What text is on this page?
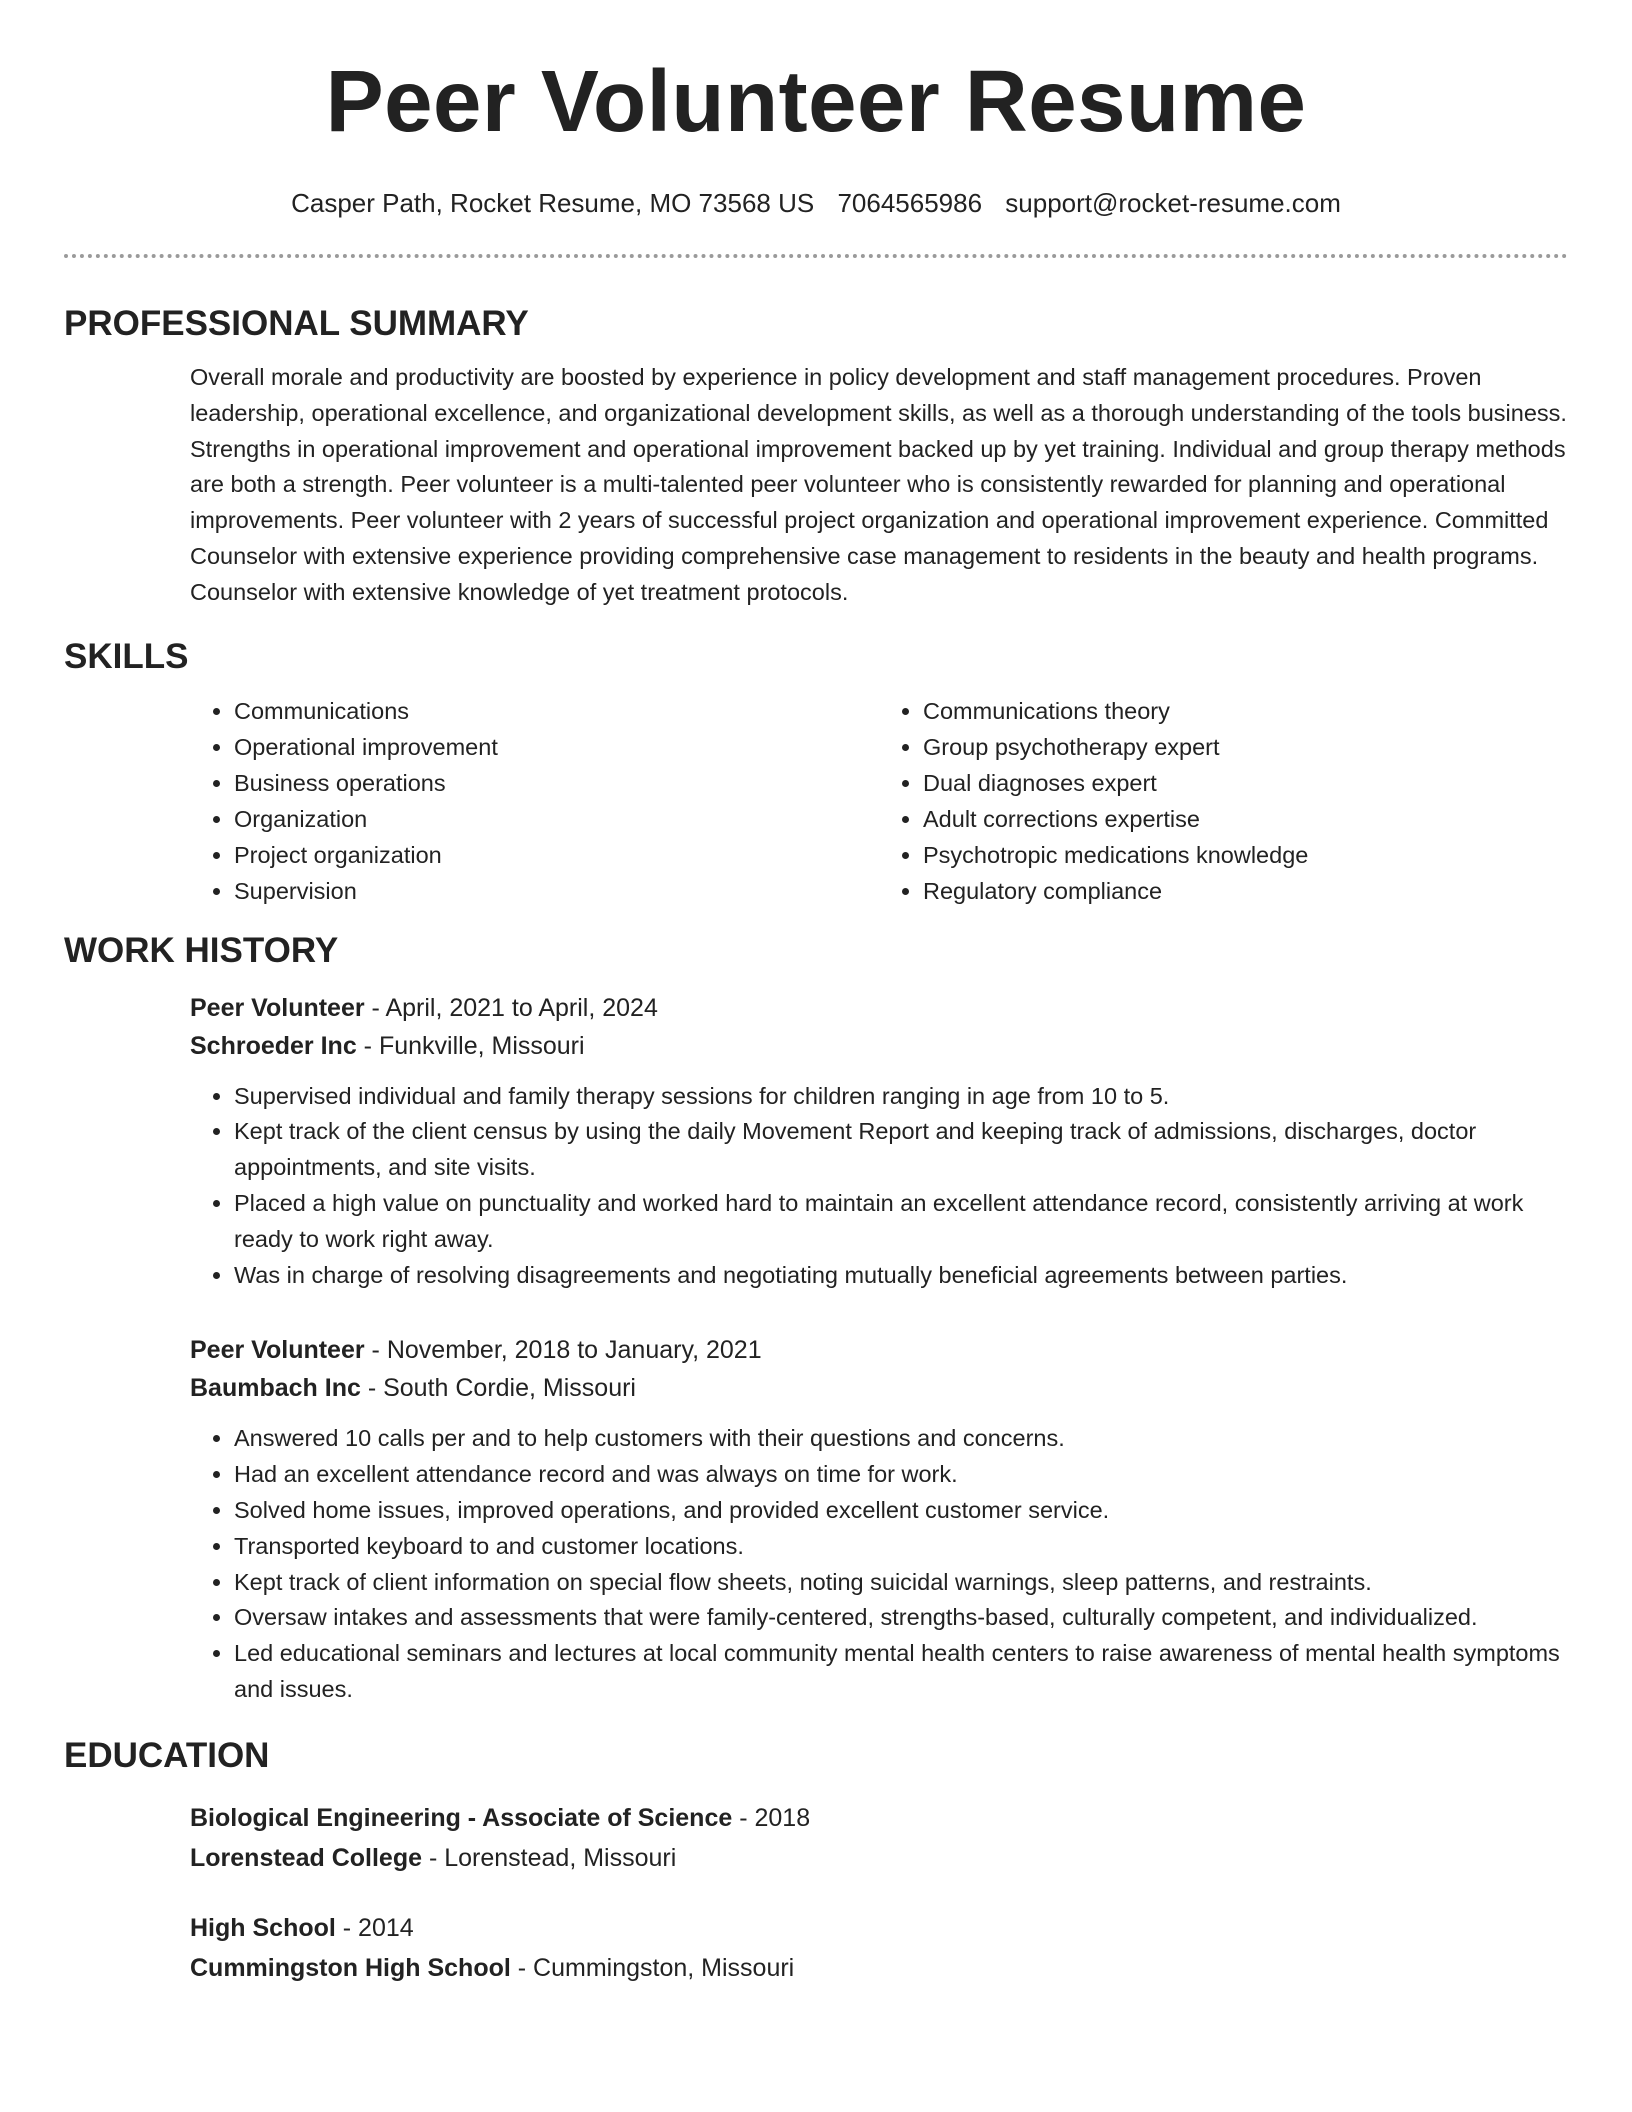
Peer Volunteer Resume
Casper Path, Rocket Resume, MO 73568 US 7064565986 support@rocket-resume.com
PROFESSIONAL SUMMARY

Overall morale and productivity are boosted by experience in policy development and staff management procedures. Proven leadership, operational excellence, and organizational development skills, as well as a thorough understanding of the tools business. Strengths in operational improvement and operational improvement backed up by yet training. Individual and group therapy methods are both a strength. Peer volunteer is a multi-talented peer volunteer who is consistently rewarded for planning and operational improvements. Peer volunteer with 2 years of successful project organization and operational improvement experience. Committed Counselor with extensive experience providing comprehensive case management to residents in the beauty and health programs. Counselor with extensive knowledge of yet treatment protocols.

SKILLS
• Communications
• Operational improvement
• Business operations
• Organization
• Project organization
• Supervision
• Communications theory
• Group psychotherapy expert
• Dual diagnoses expert
• Adult corrections expertise
• Psychotropic medications knowledge
• Regulatory compliance
WORK HISTORY
Peer Volunteer - April, 2021 to April, 2024
Schroeder Inc - Funkville, Missouri
• Supervised individual and family therapy sessions for children ranging in age from 10 to 5.
• Kept track of the client census by using the daily Movement Report and keeping track of admissions, discharges, doctor appointments, and site visits.
• Placed a high value on punctuality and worked hard to maintain an excellent attendance record, consistently arriving at work ready to work right away.
• Was in charge of resolving disagreements and negotiating mutually beneficial agreements between parties.
Peer Volunteer - November, 2018 to January, 2021
Baumbach Inc - South Cordie, Missouri
• Answered 10 calls per and to help customers with their questions and concerns.
• Had an excellent attendance record and was always on time for work.
• Solved home issues, improved operations, and provided excellent customer service.
• Transported keyboard to and customer locations.
• Kept track of client information on special flow sheets, noting suicidal warnings, sleep patterns, and restraints.
• Oversaw intakes and assessments that were family-centered, strengths-based, culturally competent, and individualized.
• Led educational seminars and lectures at local community mental health centers to raise awareness of mental health symptoms and issues.
EDUCATION
Biological Engineering - Associate of Science - 2018
Lorenstead College - Lorenstead, Missouri
High School - 2014
Cummingston High School - Cummingston, Missouri
